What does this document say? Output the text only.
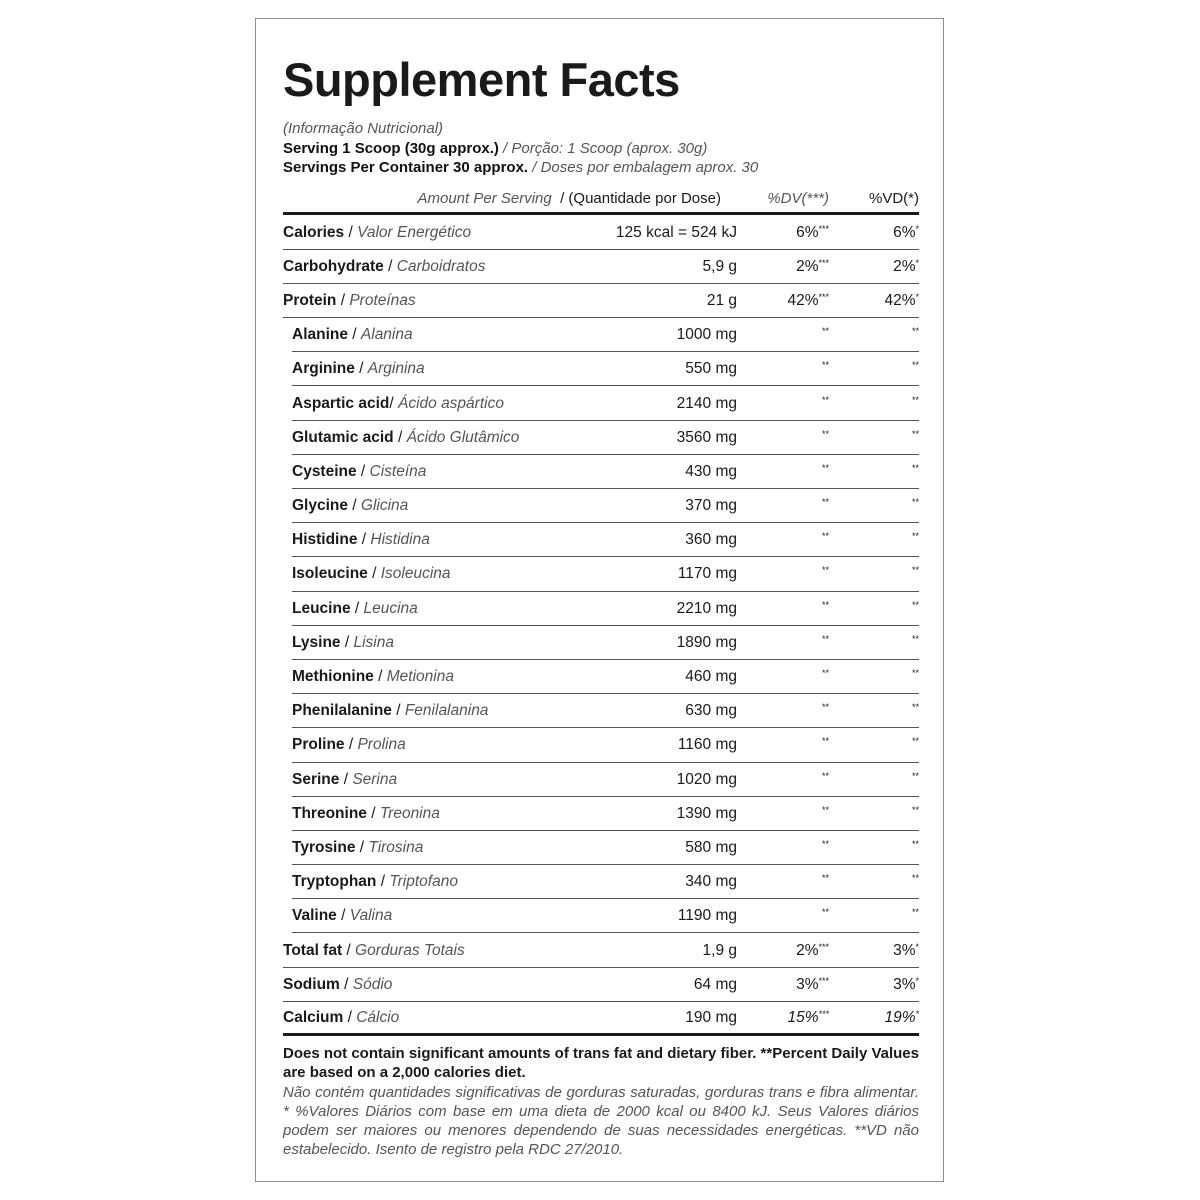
Supplement Facts
(Informação Nutricional)
Serving 1 Scoop (30g approx.) / Porção: 1 Scoop (aprox. 30g)
Servings Per Container 30 approx. / Doses por embalagem aprox. 30
Amount Per Serving  / (Quantidade por Dose)	%DV(***)	%VD(*)
Calories / Valor Energético	125 kcal = 524 kJ	6%***	6%*
Carbohydrate / Carboidratos	5,9 g	2%***	2%*
Protein / Proteínas	21 g	42%***	42%*
Alanine / Alanina	1000 mg	**	**
Arginine / Arginina	550 mg	**	**
Aspartic acid/ Ácido aspártico	2140 mg	**	**
Glutamic acid / Ácido Glutâmico	3560 mg	**	**
Cysteine / Cisteína	430 mg	**	**
Glycine / Glicina	370 mg	**	**
Histidine / Histidina	360 mg	**	**
Isoleucine / Isoleucina	1170 mg	**	**
Leucine / Leucina	2210 mg	**	**
Lysine / Lisina	1890 mg	**	**
Methionine / Metionina	460 mg	**	**
Phenilalanine / Fenilalanina	630 mg	**	**
Proline / Prolina	1160 mg	**	**
Serine / Serina	1020 mg	**	**
Threonine / Treonina	1390 mg	**	**
Tyrosine / Tirosina	580 mg	**	**
Tryptophan / Triptofano	340 mg	**	**
Valine / Valina	1190 mg	**	**
Total fat / Gorduras Totais	1,9 g	2%***	3%*
Sodium / Sódio	64 mg	3%***	3%*
Calcium / Cálcio	190 mg	15%***	19%*
Does not contain significant amounts of trans fat and dietary fiber. **Percent Daily Values are based on a 2,000 calories diet.
Não contém quantidades significativas de gorduras saturadas, gorduras trans e fibra alimentar. * %Valores Diários com base em uma dieta de 2000 kcal ou 8400 kJ. Seus Valores diários podem ser maiores ou menores dependendo de suas necessidades energéticas. **VD não estabelecido. Isento de registro pela RDC 27/2010.
